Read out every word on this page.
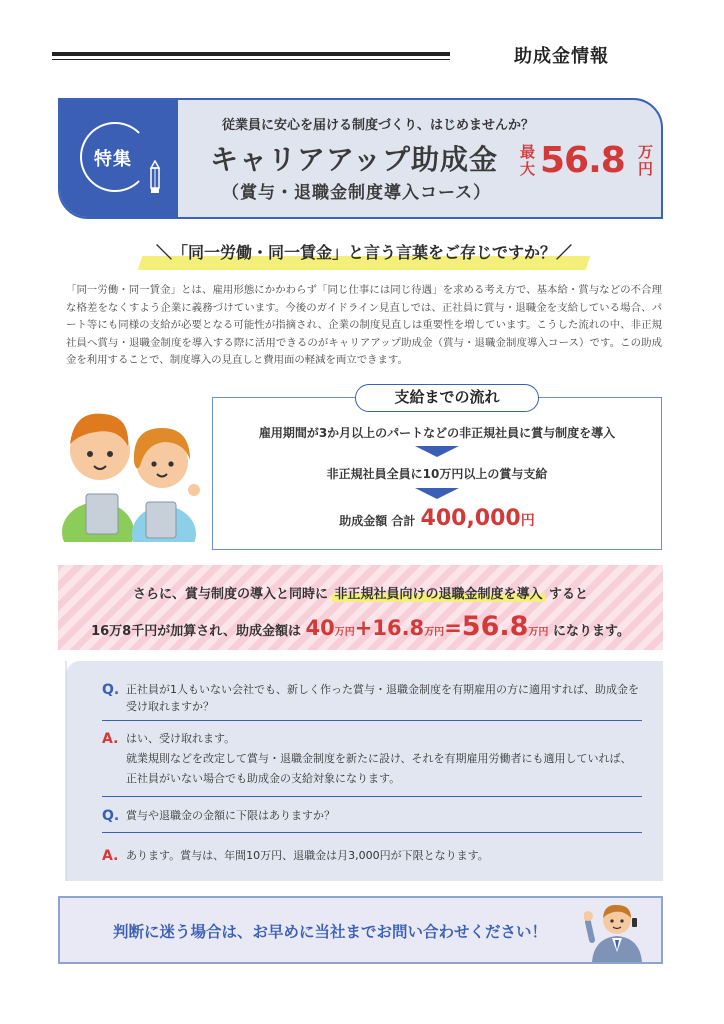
助成金情報
特集
従業員に安心を届ける制度づくり、はじめませんか？
キャリアアップ助成金
（賞与・退職金制度導入コース）
最大 56.8 万円
＼「同一労働・同一賃金」と言う言葉をご存じですか？／

「同一労働・同一賃金」とは、雇用形態にかかわらず「同じ仕事には同じ待遇」を求める考え方で、基本給・賞与などの不合理な格差をなくすよう企業に義務づけています。今後のガイドライン見直しでは、正社員に賞与・退職金を支給している場合、パート等にも同様の支給が必要となる可能性が指摘され、企業の制度見直しは重要性を増しています。こうした流れの中、非正規社員へ賞与・退職金制度を導入する際に活用できるのがキャリアアップ助成金（賞与・退職金制度導入コース）です。この助成金を利用することで、制度導入の見直しと費用面の軽減を両立できます。

支給までの流れ
雇用期間が3か月以上のパートなどの非正規社員に賞与制度を導入
非正規社員全員に10万円以上の賞与支給
助成金額 合計 400,000円
さらに、賞与制度の導入と同時に 非正規社員向けの退職金制度を導入 すると
16万8千円が加算され、助成金額は 40万円+16.8万円=56.8万円 になります。
Q. 正社員が1人もいない会社でも、新しく作った賞与・退職金制度を有期雇用の方に適用すれば、助成金を
受け取れますか？
A. はい、受け取れます。
就業規則などを改定して賞与・退職金制度を新たに設け、それを有期雇用労働者にも適用していれば、
正社員がいない場合でも助成金の支給対象になります。
Q. 賞与や退職金の金額に下限はありますか？
A. あります。賞与は、年間10万円、退職金は月3,000円が下限となります。
判断に迷う場合は、お早めに当社までお問い合わせください！
